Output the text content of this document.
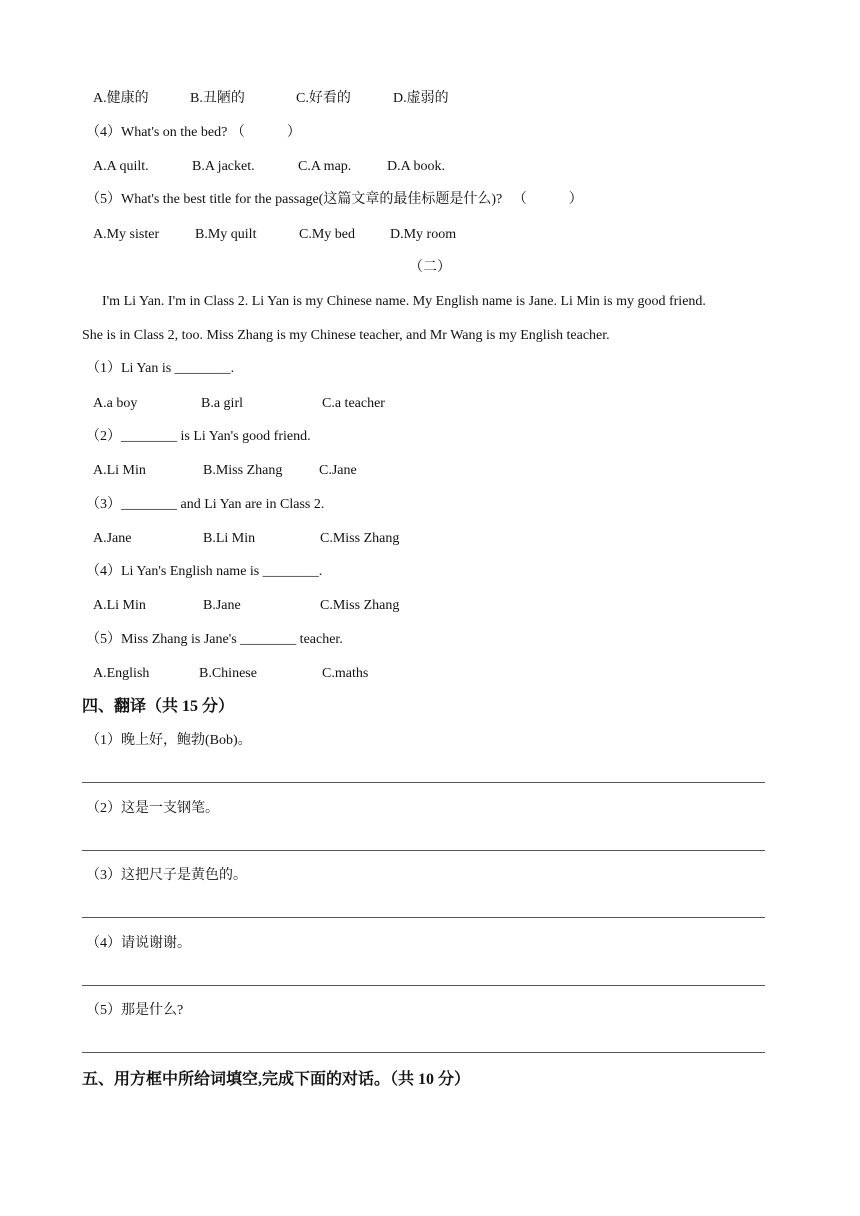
A.健康的	B.丑陋的	C.好看的	D.虚弱的
（4）What's on the bed? （　　　）
A.A quilt.	B.A jacket.	C.A map.	D.A book.
（5）What's the best title for the passage(这篇文章的最佳标题是什么)? 　（　　　）
A.My sister	B.My quilt	C.My bed	D.My room
（二）
I'm Li Yan. I'm in Class 2. Li Yan is my Chinese name. My English name is Jane. Li Min is my good friend.
She is in Class 2, too. Miss Zhang is my Chinese teacher, and Mr Wang is my English teacher.
（1）Li Yan is ________.
A.a boy	B.a girl	C.a teacher
（2）________ is Li Yan's good friend.
A.Li Min	B.Miss Zhang	C.Jane
（3）________ and Li Yan are in Class 2.
A.Jane	B.Li Min	C.Miss Zhang
（4）Li Yan's English name is ________.
A.Li Min	B.Jane	C.Miss Zhang
（5）Miss Zhang is Jane's ________ teacher.
A.English	B.Chinese	C.maths
四、翻译（共 15 分）
（1）晚上好，鲍勃(Bob)。
（2）这是一支钢笔。
（3）这把尺子是黄色的。
（4）请说谢谢。
（5）那是什么?
五、用方框中所给词填空,完成下面的对话。（共 10 分）
